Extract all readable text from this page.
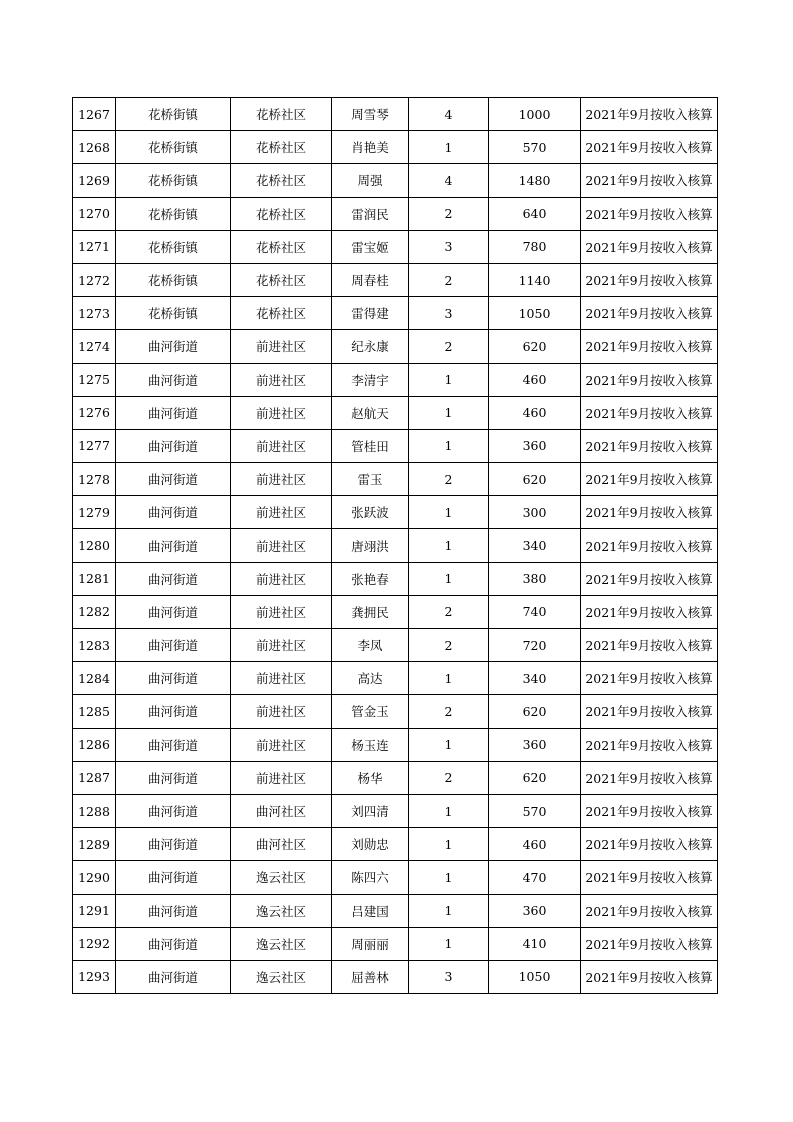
1267	花桥街镇	花桥社区	周雪琴	4	1000	2021年9月按收入核算
1268	花桥街镇	花桥社区	肖艳美	1	570	2021年9月按收入核算
1269	花桥街镇	花桥社区	周强	4	1480	2021年9月按收入核算
1270	花桥街镇	花桥社区	雷润民	2	640	2021年9月按收入核算
1271	花桥街镇	花桥社区	雷宝姬	3	780	2021年9月按收入核算
1272	花桥街镇	花桥社区	周春桂	2	1140	2021年9月按收入核算
1273	花桥街镇	花桥社区	雷得建	3	1050	2021年9月按收入核算
1274	曲河街道	前进社区	纪永康	2	620	2021年9月按收入核算
1275	曲河街道	前进社区	李清宇	1	460	2021年9月按收入核算
1276	曲河街道	前进社区	赵航天	1	460	2021年9月按收入核算
1277	曲河街道	前进社区	管桂田	1	360	2021年9月按收入核算
1278	曲河街道	前进社区	雷玉	2	620	2021年9月按收入核算
1279	曲河街道	前进社区	张跃波	1	300	2021年9月按收入核算
1280	曲河街道	前进社区	唐翊洪	1	340	2021年9月按收入核算
1281	曲河街道	前进社区	张艳春	1	380	2021年9月按收入核算
1282	曲河街道	前进社区	龚拥民	2	740	2021年9月按收入核算
1283	曲河街道	前进社区	李凤	2	720	2021年9月按收入核算
1284	曲河街道	前进社区	高达	1	340	2021年9月按收入核算
1285	曲河街道	前进社区	管金玉	2	620	2021年9月按收入核算
1286	曲河街道	前进社区	杨玉连	1	360	2021年9月按收入核算
1287	曲河街道	前进社区	杨华	2	620	2021年9月按收入核算
1288	曲河街道	曲河社区	刘四清	1	570	2021年9月按收入核算
1289	曲河街道	曲河社区	刘勋忠	1	460	2021年9月按收入核算
1290	曲河街道	逸云社区	陈四六	1	470	2021年9月按收入核算
1291	曲河街道	逸云社区	吕建国	1	360	2021年9月按收入核算
1292	曲河街道	逸云社区	周丽丽	1	410	2021年9月按收入核算
1293	曲河街道	逸云社区	屈善林	3	1050	2021年9月按收入核算
